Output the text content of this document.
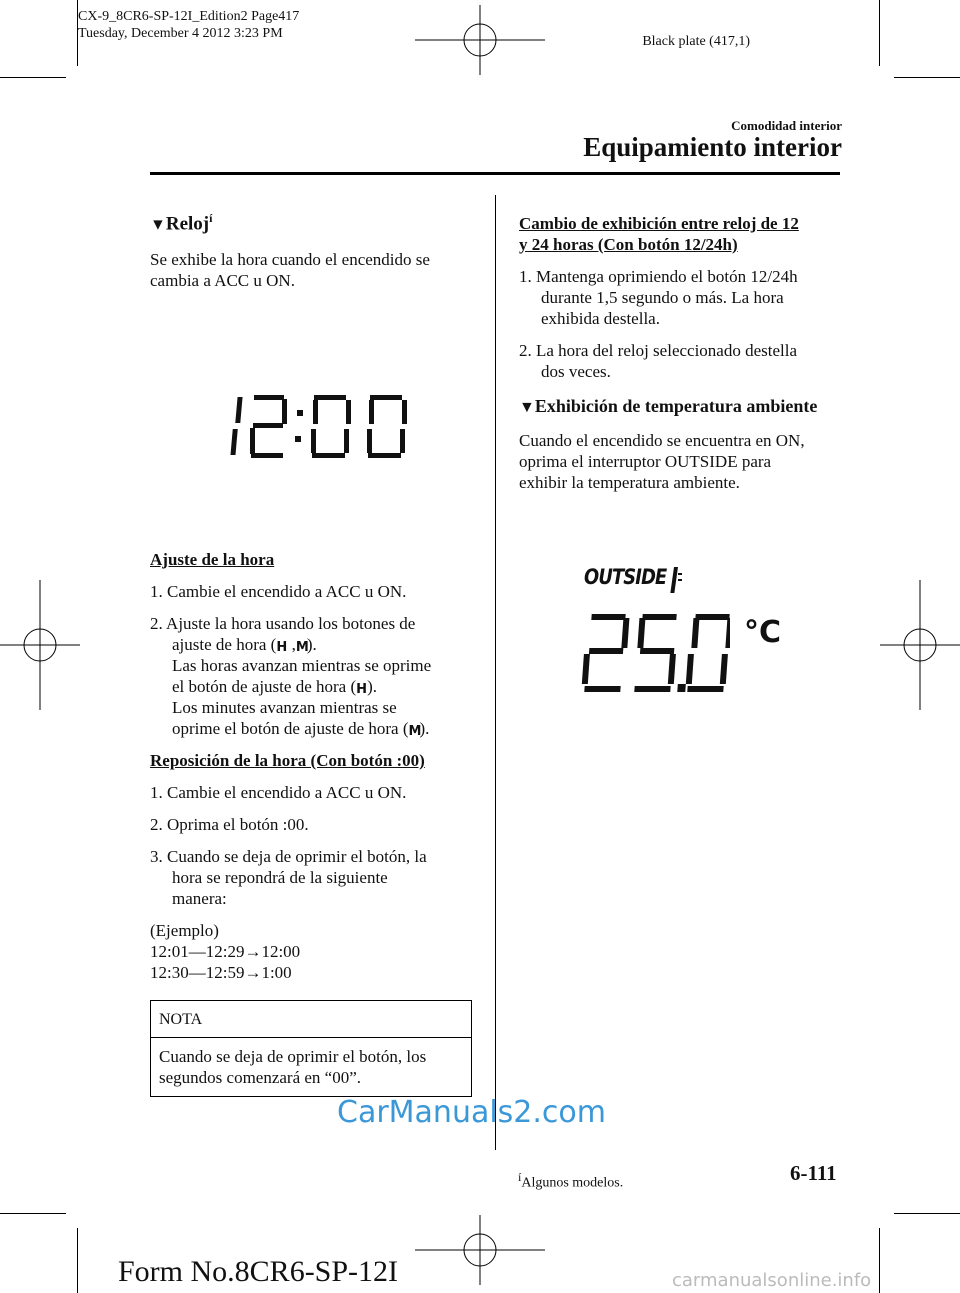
CX-9_8CR6-SP-12I_Edition2 Page417
Tuesday, December 4 2012 3:23 PM
Black plate (417,1)
Comodidad interior
Equipamiento interior
▼Reloj$^í$

Se exhibe la hora cuando el encendido se

cambia a ACC u ON.

Ajuste de la hora

1. Cambie el encendido a ACC u ON.

2. Ajuste la hora usando los botones de

ajuste de hora (H ,M).

Las horas avanzan mientras se oprime

el botón de ajuste de hora (H).

Los minutes avanzan mientras se

oprime el botón de ajuste de hora (M).

Reposición de la hora (Con botón :00)

1. Cambie el encendido a ACC u ON.

2. Oprima el botón :00.

3. Cuando se deja de oprimir el botón, la

hora se repondrá de la siguiente

manera:

(Ejemplo)

12:01―12:29→12:00

12:30―12:59→1:00

NOTA
Cuando se deja de oprimir el botón, los
segundos comenzará en “00”.

Cambio de exhibición entre reloj de 12

y 24 horas (Con botón 12/24h)

1. Mantenga oprimiendo el botón 12/24h

durante 1,5 segundo o más. La hora

exhibida destella.

2. La hora del reloj seleccionado destella

dos veces.

▼Exhibición de temperatura ambiente

Cuando el encendido se encuentra en ON,

oprima el interruptor OUTSIDE para

exhibir la temperatura ambiente.

OUTSIDE
°C
CarManuals2.com
íAlgunos modelos.	6-111
Form No.8CR6-SP-12I	carmanualsonline.info
